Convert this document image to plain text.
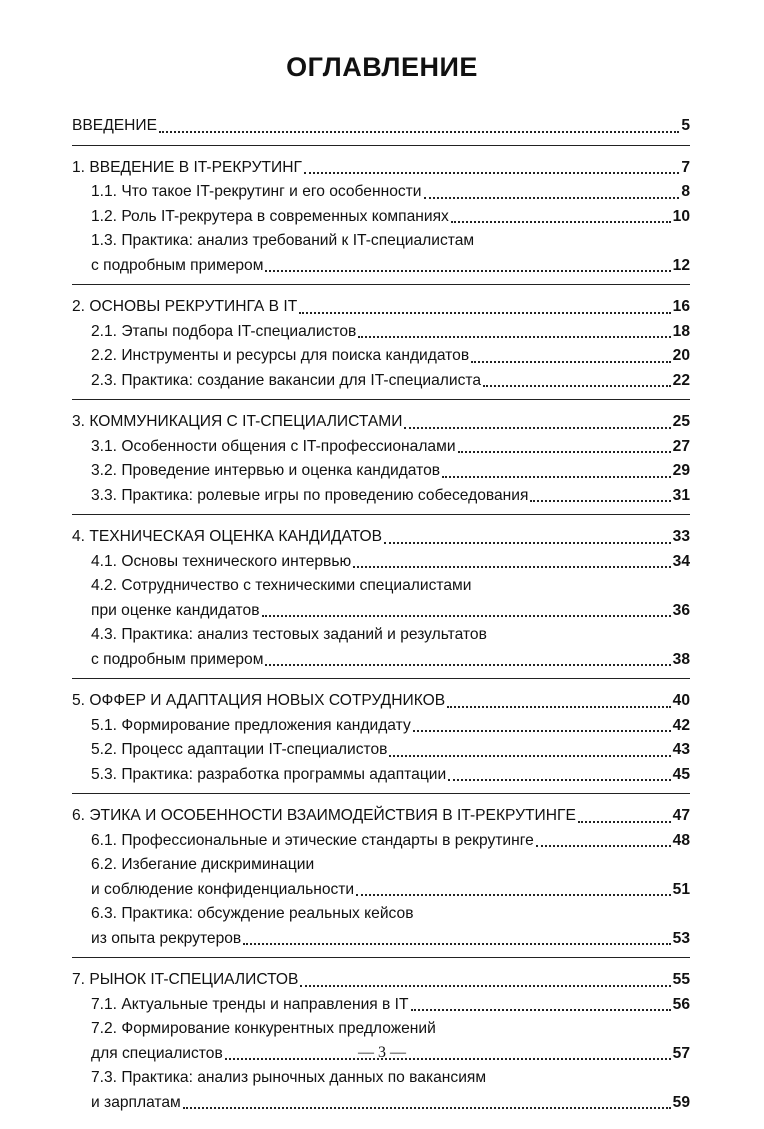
ОГЛАВЛЕНИЕ
ВВЕДЕНИЕ	5
1. ВВЕДЕНИЕ В IT-РЕКРУТИНГ	7
1.1. Что такое IT-рекрутинг и его особенности	8
1.2. Роль IT-рекрутера в современных компаниях	10
1.3. Практика: анализ требований к IT-специалистам
с подробным примером	12
2. ОСНОВЫ РЕКРУТИНГА В IT	16
2.1. Этапы подбора IT-специалистов	18
2.2. Инструменты и ресурсы для поиска кандидатов	20
2.3. Практика: создание вакансии для IT-специалиста	22
3. КОММУНИКАЦИЯ С IT-СПЕЦИАЛИСТАМИ	25
3.1. Особенности общения с IT-профессионалами	27
3.2. Проведение интервью и оценка кандидатов	29
3.3. Практика: ролевые игры по проведению собеседования	31
4. ТЕХНИЧЕСКАЯ ОЦЕНКА КАНДИДАТОВ	33
4.1. Основы технического интервью	34
4.2. Сотрудничество с техническими специалистами
при оценке кандидатов	36
4.3. Практика: анализ тестовых заданий и результатов
с подробным примером	38
5. ОФФЕР И АДАПТАЦИЯ НОВЫХ СОТРУДНИКОВ	40
5.1. Формирование предложения кандидату	42
5.2. Процесс адаптации IT-специалистов	43
5.3. Практика: разработка программы адаптации	45
6. ЭТИКА И ОСОБЕННОСТИ ВЗАИМОДЕЙСТВИЯ В IT-РЕКРУТИНГЕ	47
6.1. Профессиональные и этические стандарты в рекрутинге	48
6.2. Избегание дискриминации
и соблюдение конфиденциальности	51
6.3. Практика: обсуждение реальных кейсов
из опыта рекрутеров	53
7. РЫНОК IT-СПЕЦИАЛИСТОВ	55
7.1. Актуальные тренды и направления в IT	56
7.2. Формирование конкурентных предложений
для специалистов	57
7.3. Практика: анализ рыночных данных по вакансиям
и зарплатам	59
— 3 —
